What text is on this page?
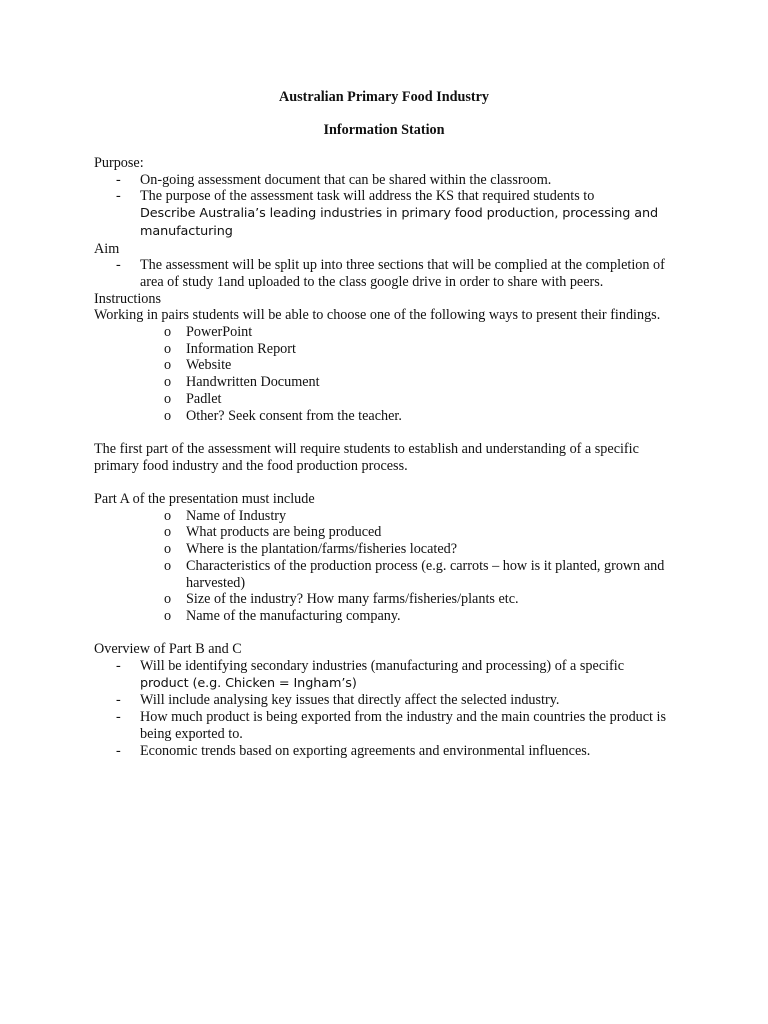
Australian Primary Food Industry
Information Station

Purpose:

- On-going assessment document that can be shared within the classroom.
- The purpose of the assessment task will address the KS that required students to
Describe Australia’s leading industries in primary food production, processing and manufacturing

Aim

- The assessment will be split up into three sections that will be complied at the completion of area of study 1and uploaded to the class google drive in order to share with peers.

Instructions

Working in pairs students will be able to choose one of the following ways to present their findings.

o PowerPoint
o Information Report
o Website
o Handwritten Document
o Padlet
o Other? Seek consent from the teacher.

The first part of the assessment will require students to establish and understanding of a specific primary food industry and the food production process.

Part A of the presentation must include

o Name of Industry
o What products are being produced
o Where is the plantation/farms/fisheries located?
o Characteristics of the production process (e.g. carrots – how is it planted, grown and harvested)
o Size of the industry? How many farms/fisheries/plants etc.
o Name of the manufacturing company.

Overview of Part B and C

- Will be identifying secondary industries (manufacturing and processing) of a specific
product (e.g. Chicken = Ingham’s)
- Will include analysing key issues that directly affect the selected industry.
- How much product is being exported from the industry and the main countries the product is being exported to.
- Economic trends based on exporting agreements and environmental influences.
